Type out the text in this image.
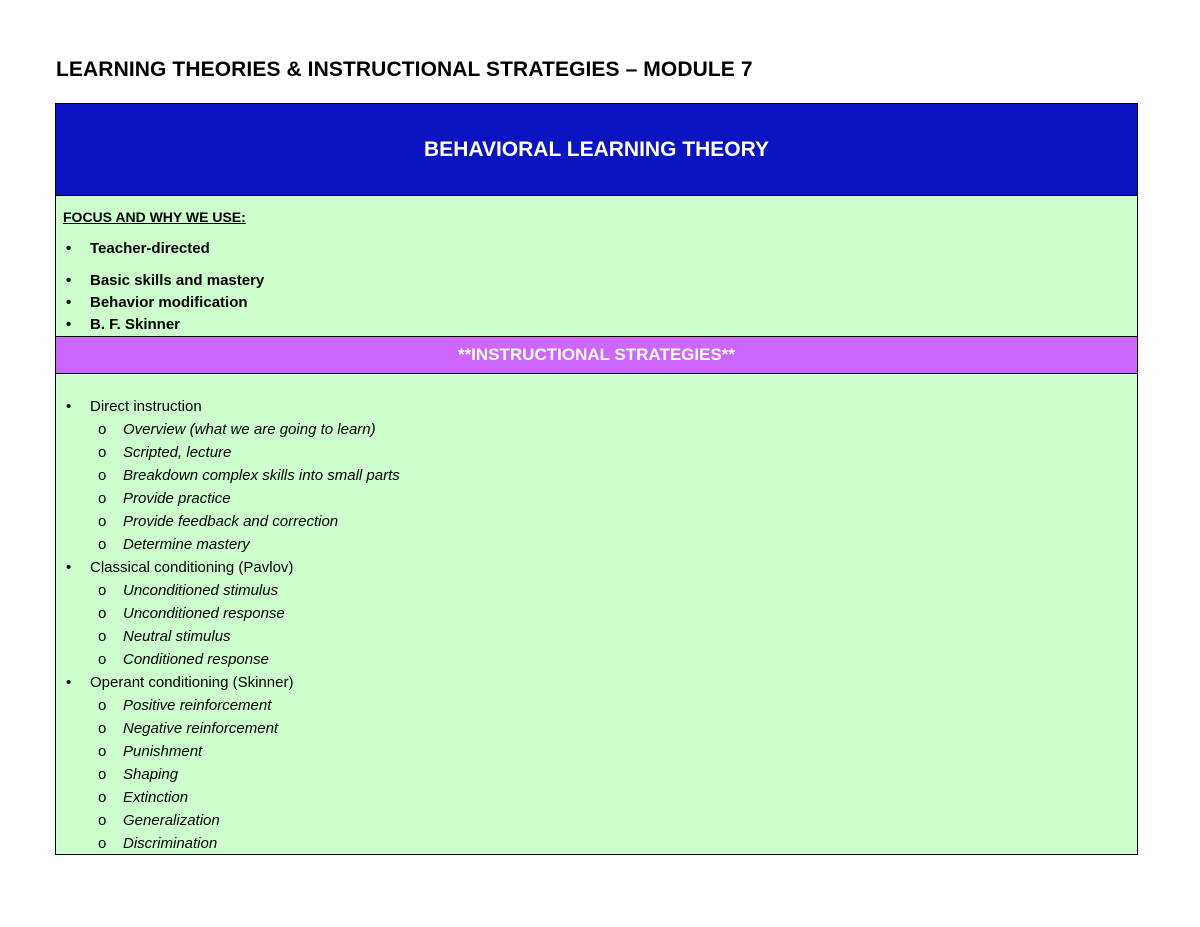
LEARNING THEORIES & INSTRUCTIONAL STRATEGIES – MODULE 7
BEHAVIORAL LEARNING THEORY
FOCUS AND WHY WE USE:
• Teacher-directed
• Basic skills and mastery
• Behavior modification
• B. F. Skinner
**INSTRUCTIONAL STRATEGIES**
• Direct instruction
o Overview (what we are going to learn)
o Scripted, lecture
o Breakdown complex skills into small parts
o Provide practice
o Provide feedback and correction
o Determine mastery
• Classical conditioning (Pavlov)
o Unconditioned stimulus
o Unconditioned response
o Neutral stimulus
o Conditioned response
• Operant conditioning (Skinner)
o Positive reinforcement
o Negative reinforcement
o Punishment
o Shaping
o Extinction
o Generalization
o Discrimination
